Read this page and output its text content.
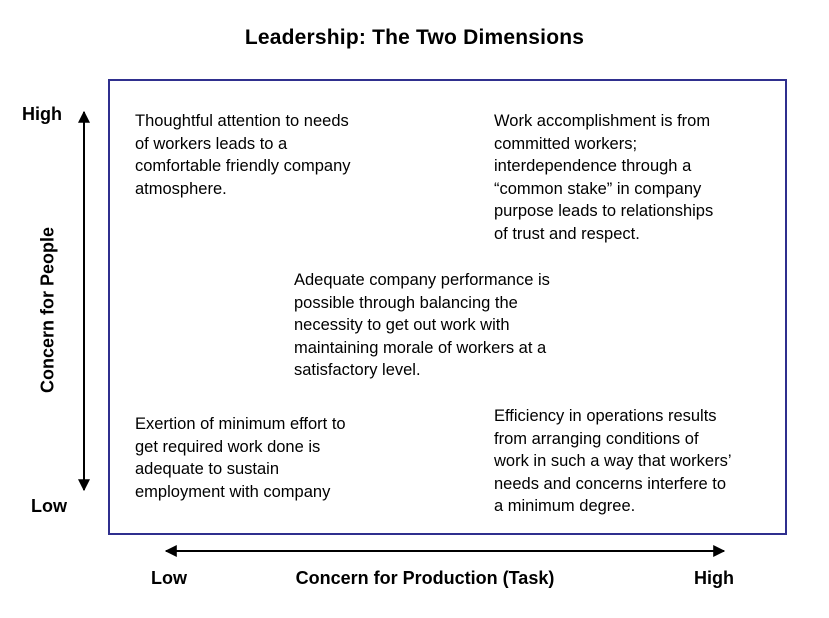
Leadership: The Two Dimensions
Thoughtful attention to needs
of workers leads to a
comfortable friendly company
atmosphere.
Work accomplishment is from
committed workers;
interdependence through a
“common stake” in company
purpose leads to relationships
of trust and respect.
Adequate company performance is
possible through balancing the
necessity to get out work with
maintaining morale of workers at a
satisfactory level.
Exertion of minimum effort to
get required work done is
adequate to sustain
employment with company
Efficiency in operations results
from arranging conditions of
work in such a way that workers’
needs and concerns interfere to
a minimum degree.
High
Low
Concern for People
Low	Concern for Production (Task)	High
